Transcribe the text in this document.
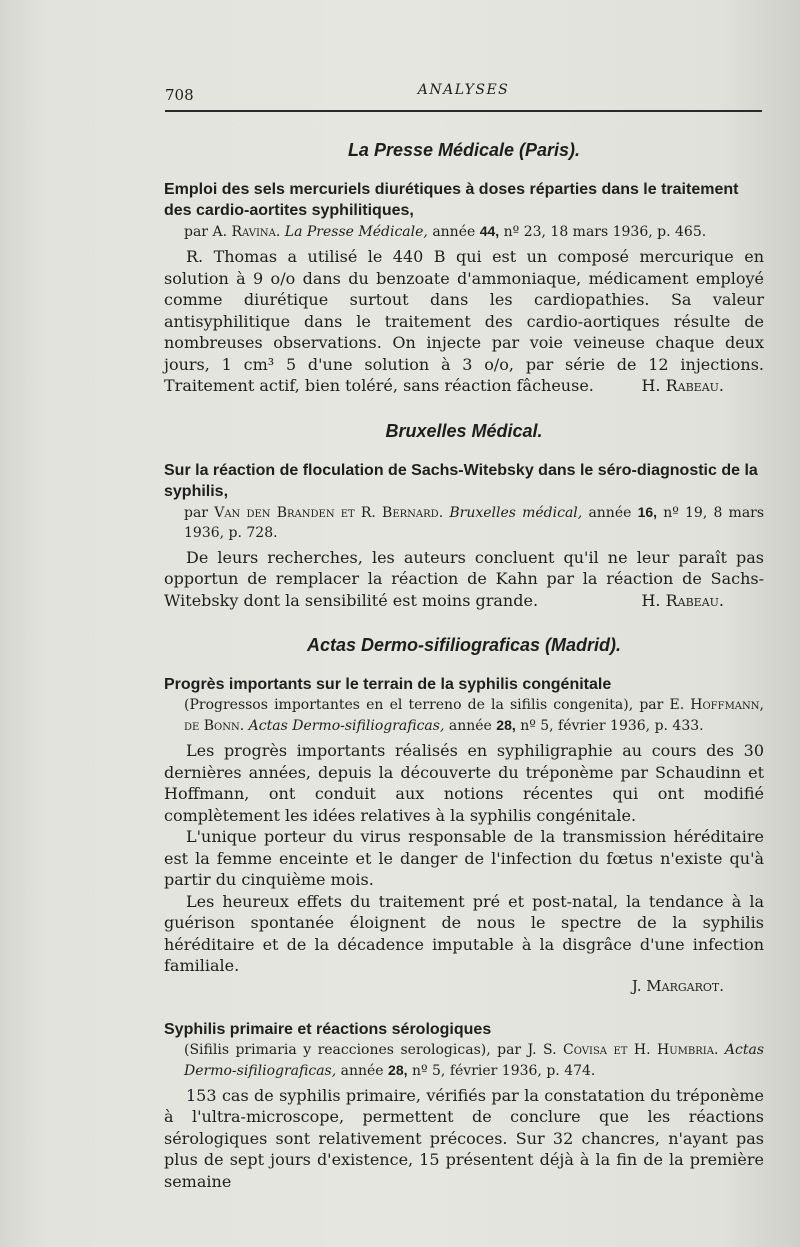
708	ANALYSES
La Presse Médicale (Paris).

Emploi des sels mercuriels diurétiques à doses réparties dans le traitement des cardio-aortites syphilitiques,

par A. Ravina. La Presse Médicale, année 44, nº 23, 18 mars 1936, p. 465.

R. Thomas a utilisé le 440 B qui est un composé mercurique en solution à 9 o/o dans du benzoate d'ammoniaque, médicament employé comme diurétique surtout dans les cardiopathies. Sa valeur antisyphilitique dans le traitement des cardio-aortiques résulte de nombreuses observations. On injecte par voie veineuse chaque deux jours, 1 cm³ 5 d'une solution à 3 o/o, par série de 12 injections. Traitement actif, bien toléré, sans réaction fâcheuse.	H. Rabeau.

Bruxelles Médical.

Sur la réaction de floculation de Sachs-Witebsky dans le séro-diagnostic de la syphilis,

par Van den Branden et R. Bernard. Bruxelles médical, année 16, nº 19, 8 mars 1936, p. 728.

De leurs recherches, les auteurs concluent qu'il ne leur paraît pas opportun de remplacer la réaction de Kahn par la réaction de Sachs-Witebsky dont la sensibilité est moins grande.	H. Rabeau.

Actas Dermo-sifiliograficas (Madrid).

Progrès importants sur le terrain de la syphilis congénitale

(Progressos importantes en el terreno de la sifilis congenita), par E. Hoffmann, de Bonn. Actas Dermo-sifiliograficas, année 28, nº 5, février 1936, p. 433.

Les progrès importants réalisés en syphiligraphie au cours des 30 dernières années, depuis la découverte du tréponème par Schaudinn et Hoffmann, ont conduit aux notions récentes qui ont modifié complètement les idées relatives à la syphilis congénitale.

L'unique porteur du virus responsable de la transmission héréditaire est la femme enceinte et le danger de l'infection du fœtus n'existe qu'à partir du cinquième mois.

Les heureux effets du traitement pré et post-natal, la tendance à la guérison spontanée éloignent de nous le spectre de la syphilis héréditaire et de la décadence imputable à la disgrâce d'une infection familiale.

J. Margarot.

Syphilis primaire et réactions sérologiques

(Sifilis primaria y reacciones serologicas), par J. S. Covisa et H. Humbria. Actas Dermo-sifiliograficas, année 28, nº 5, février 1936, p. 474.

153 cas de syphilis primaire, vérifiés par la constatation du tréponème à l'ultra-microscope, permettent de conclure que les réactions sérologiques sont relativement précoces. Sur 32 chancres, n'ayant pas plus de sept jours d'existence, 15 présentent déjà à la fin de la première semaine
